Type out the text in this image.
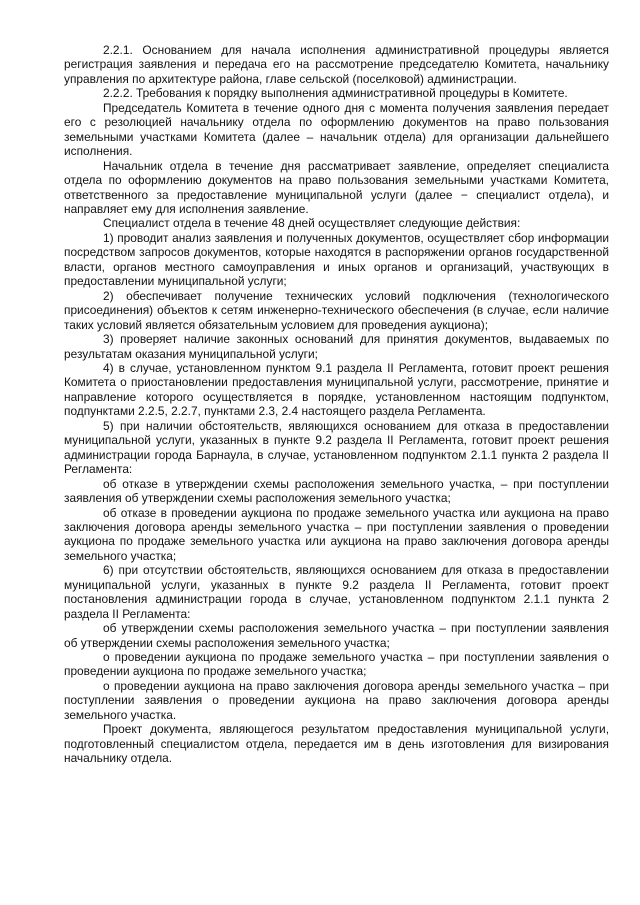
2.2.1. Основанием для начала исполнения административной процедуры является регистрация заявления и передача его на рассмотрение председателю Комитета, начальнику управления по архитектуре района, главе сельской (поселковой) администрации.

2.2.2. Требования к порядку выполнения административной процедуры в Комитете.

Председатель Комитета в течение одного дня с момента получения заявления передает его с резолюцией начальнику отдела по оформлению документов на право пользования земельными участками Комитета (далее – начальник отдела) для организации дальнейшего исполнения.

Начальник отдела в течение дня рассматривает заявление, определяет специалиста отдела по оформлению документов на право пользования земельными участками Комитета, ответственного за предоставление муниципальной услуги (далее − специалист отдела), и направляет ему для исполнения заявление.

Специалист отдела в течение 48 дней осуществляет следующие действия:

1) проводит анализ заявления и полученных документов, осуществляет сбор информации посредством запросов документов, которые находятся в распоряжении органов государственной власти, органов местного самоуправления и иных органов и организаций, участвующих в предоставлении муниципальной услуги;

2) обеспечивает получение технических условий подключения (технологического присоединения) объектов к сетям инженерно-технического обеспечения (в случае, если наличие таких условий является обязательным условием для проведения аукциона);

3) проверяет наличие законных оснований для принятия документов, выдаваемых по результатам оказания муниципальной услуги;

4) в случае, установленном пунктом 9.1 раздела II Регламента, готовит проект решения Комитета о приостановлении предоставления муниципальной услуги, рассмотрение, принятие и направление которого осуществляется в порядке, установленном настоящим подпунктом, подпунктами 2.2.5, 2.2.7, пунктами 2.3, 2.4 настоящего раздела Регламента.

5) при наличии обстоятельств, являющихся основанием для отказа в предоставлении муниципальной услуги, указанных в пункте 9.2 раздела II Регламента, готовит проект решения администрации города Барнаула, в случае, установленном подпунктом 2.1.1 пункта 2 раздела II Регламента:

об отказе в утверждении схемы расположения земельного участка, – при поступлении заявления об утверждении схемы расположения земельного участка;

об отказе в проведении аукциона по продаже земельного участка или аукциона на право заключения договора аренды земельного участка – при поступлении заявления о проведении аукциона по продаже земельного участка или аукциона на право заключения договора аренды земельного участка;

6) при отсутствии обстоятельств, являющихся основанием для отказа в предоставлении муниципальной услуги, указанных в пункте 9.2 раздела II Регламента, готовит проект постановления администрации города в случае, установленном подпунктом 2.1.1 пункта 2 раздела II Регламента:

об утверждении схемы расположения земельного участка – при поступлении заявления об утверждении схемы расположения земельного участка;

о проведении аукциона по продаже земельного участка – при поступлении заявления о проведении аукциона по продаже земельного участка;

о проведении аукциона на право заключения договора аренды земельного участка – при поступлении заявления о проведении аукциона на право заключения договора аренды земельного участка.

Проект документа, являющегося результатом предоставления муниципальной услуги, подготовленный специалистом отдела, передается им в день изготовления для визирования начальнику отдела.
